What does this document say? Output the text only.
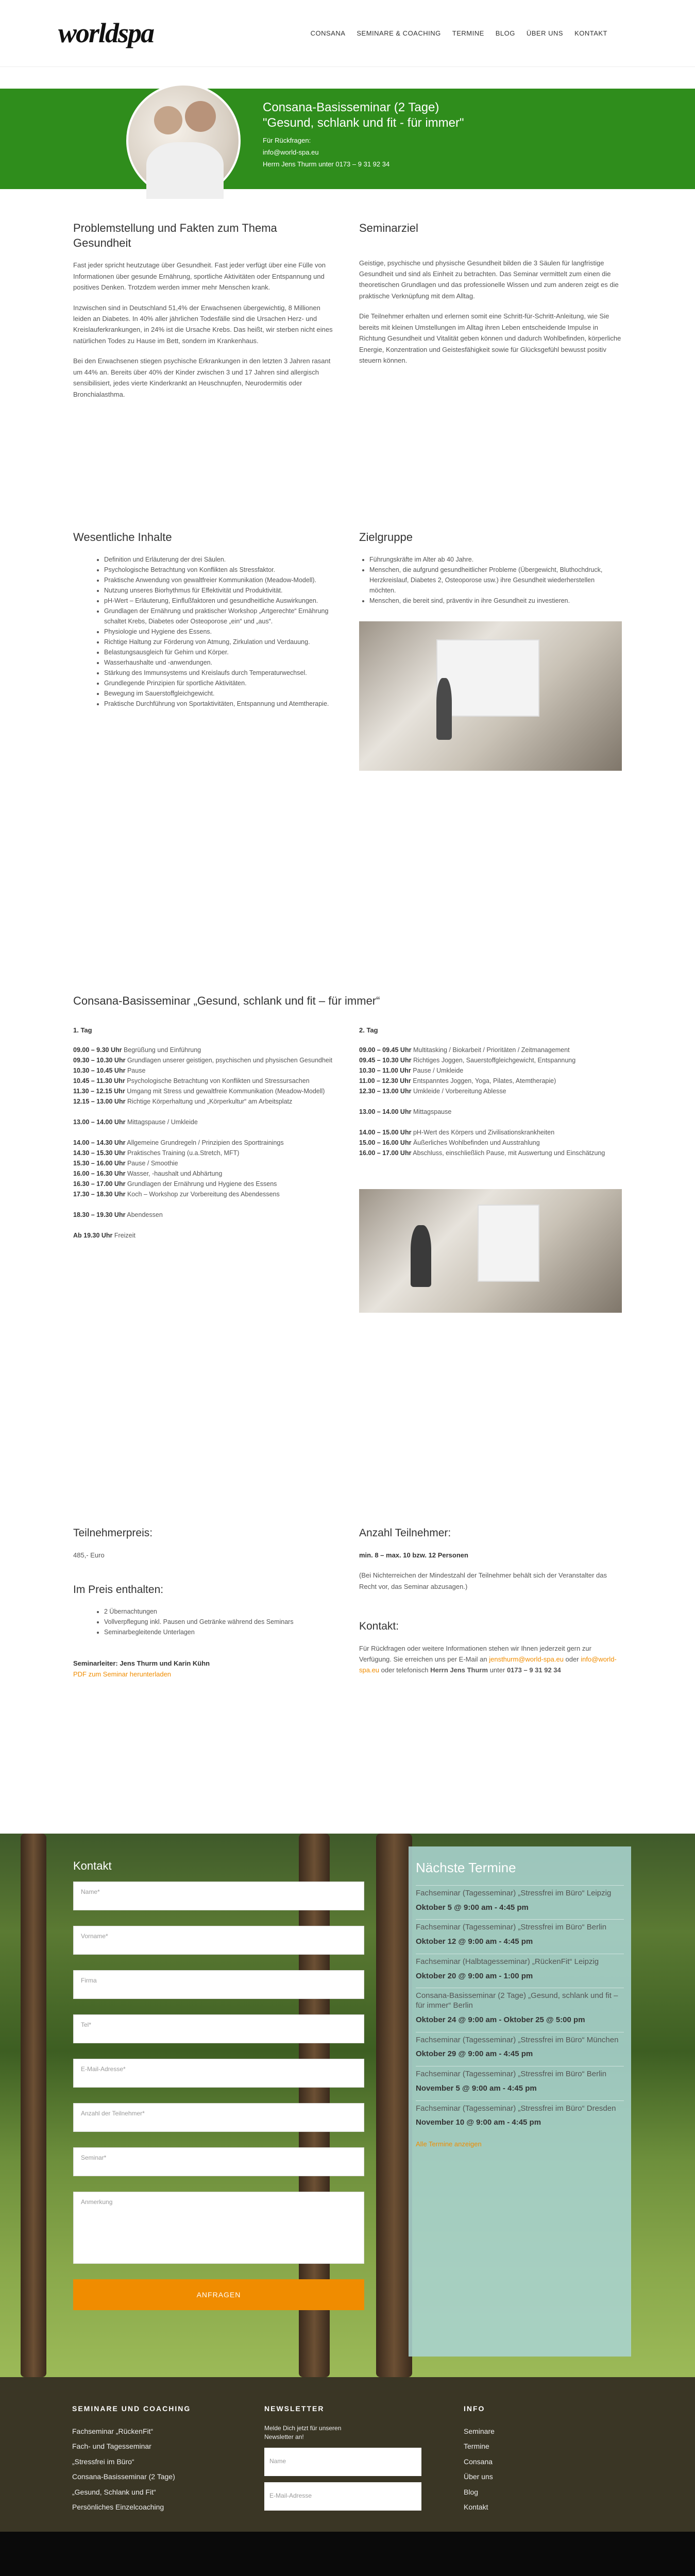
worldspa	CONSANA SEMINARE & COACHING TERMINE BLOG ÜBER UNS KONTAKT
Consana-Basisseminar (2 Tage)
"Gesund, schlank und fit - für immer"

Für Rückfragen:
info@world-spa.eu
Herrn Jens Thurm unter 0173 – 9 31 92 34

Problemstellung und Fakten zum Thema Gesundheit

Fast jeder spricht heutzutage über Gesundheit. Fast jeder verfügt über eine Fülle von Informationen über gesunde Ernährung, sportliche Aktivitäten oder Entspannung und positives Denken. Trotzdem werden immer mehr Menschen krank.

Inzwischen sind in Deutschland 51,4% der Erwachsenen übergewichtig, 8 Millionen leiden an Diabetes. In 40% aller jährlichen Todesfälle sind die Ursachen Herz- und Kreislauferkrankungen, in 24% ist die Ursache Krebs. Das heißt, wir sterben nicht eines natürlichen Todes zu Hause im Bett, sondern im Krankenhaus.

Bei den Erwachsenen stiegen psychische Erkrankungen in den letzten 3 Jahren rasant um 44% an. Bereits über 40% der Kinder zwischen 3 und 17 Jahren sind allergisch sensibilisiert, jedes vierte Kinderkrankt an Heuschnupfen, Neurodermitis oder Bronchialasthma.

Seminarziel

Geistige, psychische und physische Gesundheit bilden die 3 Säulen für langfristige Gesundheit und sind als Einheit zu betrachten. Das Seminar vermittelt zum einen die theoretischen Grundlagen und das professionelle Wissen und zum anderen zeigt es die praktische Verknüpfung mit dem Alltag.

Die Teilnehmer erhalten und erlernen somit eine Schritt-für-Schritt-Anleitung, wie Sie bereits mit kleinen Umstellungen im Alltag ihren Leben entscheidende Impulse in Richtung Gesundheit und Vitalität geben können und dadurch Wohlbefinden, körperliche Energie, Konzentration und Geistesfähigkeit sowie für Glücksgefühl bewusst positiv steuern können.

Wesentliche Inhalte
• Definition und Erläuterung der drei Säulen.
• Psychologische Betrachtung von Konflikten als Stressfaktor.
• Praktische Anwendung von gewaltfreier Kommunikation (Meadow-Modell).
• Nutzung unseres Biorhythmus für Effektivität und Produktivität.
• pH-Wert – Erläuterung, Einflußfaktoren und gesundheitliche Auswirkungen.
• Grundlagen der Ernährung und praktischer Workshop „Artgerechte“ Ernährung schaltet Krebs, Diabetes oder Osteoporose „ein“ und „aus“.
• Physiologie und Hygiene des Essens.
• Richtige Haltung zur Förderung von Atmung, Zirkulation und Verdauung.
• Belastungsausgleich für Gehirn und Körper.
• Wasserhaushalte und -anwendungen.
• Stärkung des Immunsystems und Kreislaufs durch Temperaturwechsel.
• Grundlegende Prinzipien für sportliche Aktivitäten.
• Bewegung im Sauerstoffgleichgewicht.
• Praktische Durchführung von Sportaktivitäten, Entspannung und Atemtherapie.
Zielgruppe
• Führungskräfte im Alter ab 40 Jahre.
• Menschen, die aufgrund gesundheitlicher Probleme (Übergewicht, Bluthochdruck, Herzkreislauf, Diabetes 2, Osteoporose usw.) ihre Gesundheit wiederherstellen möchten.
• Menschen, die bereit sind, präventiv in ihre Gesundheit zu investieren.
Consana-Basisseminar „Gesund, schlank und fit – für immer“

1. Tag

09.00 – 9.30 Uhr Begrüßung und Einführung

09.30 – 10.30 Uhr Grundlagen unserer geistigen, psychischen und physischen Gesundheit

10.30 – 10.45 Uhr Pause

10.45 – 11.30 Uhr Psychologische Betrachtung von Konflikten und Stressursachen

11.30 – 12.15 Uhr Umgang mit Stress und gewaltfreie Kommunikation (Meadow-Modell)

12.15 – 13.00 Uhr Richtige Körperhaltung und „Körperkultur“ am Arbeitsplatz

13.00 – 14.00 Uhr Mittagspause / Umkleide

14.00 – 14.30 Uhr Allgemeine Grundregeln / Prinzipien des Sporttrainings

14.30 – 15.30 Uhr Praktisches Training (u.a.Stretch, MFT)

15.30 – 16.00 Uhr Pause / Smoothie

16.00 – 16.30 Uhr Wasser, -haushalt und Abhärtung

16.30 – 17.00 Uhr Grundlagen der Ernährung und Hygiene des Essens

17.30 – 18.30 Uhr Koch – Workshop zur Vorbereitung des Abendessens

18.30 – 19.30 Uhr Abendessen

Ab 19.30 Uhr Freizeit

2. Tag

09.00 – 09.45 Uhr Multitasking / Biokarbeit / Prioritäten / Zeitmanagement

09.45 – 10.30 Uhr Richtiges Joggen, Sauerstoffgleichgewicht, Entspannung

10.30 – 11.00 Uhr Pause / Umkleide

11.00 – 12.30 Uhr Entspanntes Joggen, Yoga, Pilates, Atemtherapie)

12.30 – 13.00 Uhr Umkleide / Vorbereitung Ablesse

13.00 – 14.00 Uhr Mittagspause

14.00 – 15.00 Uhr pH-Wert des Körpers und Zivilisationskrankheiten

15.00 – 16.00 Uhr Äußerliches Wohlbefinden und Ausstrahlung

16.00 – 17.00 Uhr Abschluss, einschließlich Pause, mit Auswertung und Einschätzung

Teilnehmerpreis:

485,- Euro

Im Preis enthalten:
• 2 Übernachtungen
• Vollverpflegung inkl. Pausen und Getränke während des Seminars
• Seminarbegleitende Unterlagen

Seminarleiter: Jens Thurm und Karin Kühn

PDF zum Seminar herunterladen

Anzahl Teilnehmer:

min. 8 – max. 10 bzw. 12 Personen

(Bei Nichterreichen der Mindestzahl der Teilnehmer behält sich der Veranstalter das Recht vor, das Seminar abzusagen.)

Kontakt:

Für Rückfragen oder weitere Informationen stehen wir Ihnen jederzeit gern zur Verfügung. Sie erreichen uns per E-Mail an jensthurm@world-spa.eu oder info@world-spa.eu oder telefonisch Herrn Jens Thurm unter 0173 – 9 31 92 34

Kontakt
Name*
Vorname*
Firma
Tel*
E-Mail-Adresse*
Anzahl der Teilnehmer*
Seminar*
Anmerkung
ANFRAGEN
Nächste Termine
Fachseminar (Tagesseminar) „Stressfrei im Büro“ Leipzig
Oktober 5 @ 9:00 am - 4:45 pm
Fachseminar (Tagesseminar) „Stressfrei im Büro“ Berlin
Oktober 12 @ 9:00 am - 4:45 pm
Fachseminar (Halbtagesseminar) „RückenFit“ Leipzig
Oktober 20 @ 9:00 am - 1:00 pm
Consana-Basisseminar (2 Tage) „Gesund, schlank und fit – für immer“ Berlin
Oktober 24 @ 9:00 am - Oktober 25 @ 5:00 pm
Fachseminar (Tagesseminar) „Stressfrei im Büro“ München
Oktober 29 @ 9:00 am - 4:45 pm
Fachseminar (Tagesseminar) „Stressfrei im Büro“ Berlin
November 5 @ 9:00 am - 4:45 pm
Fachseminar (Tagesseminar) „Stressfrei im Büro“ Dresden
November 10 @ 9:00 am - 4:45 pm

Alle Termine anzeigen

SEMINARE UND COACHING

Fachseminar „RückenFit“

Fach- und Tagesseminar

„Stressfrei im Büro“

Consana-Basisseminar (2 Tage)

„Gesund, Schlank und Fit“

Persönliches Einzelcoaching

NEWSLETTER

Melde Dich jetzt für unseren Newsletter an!

Name
E-Mail-Adresse
INFO

Seminare

Termine

Consana

Über uns

Blog

Kontakt
